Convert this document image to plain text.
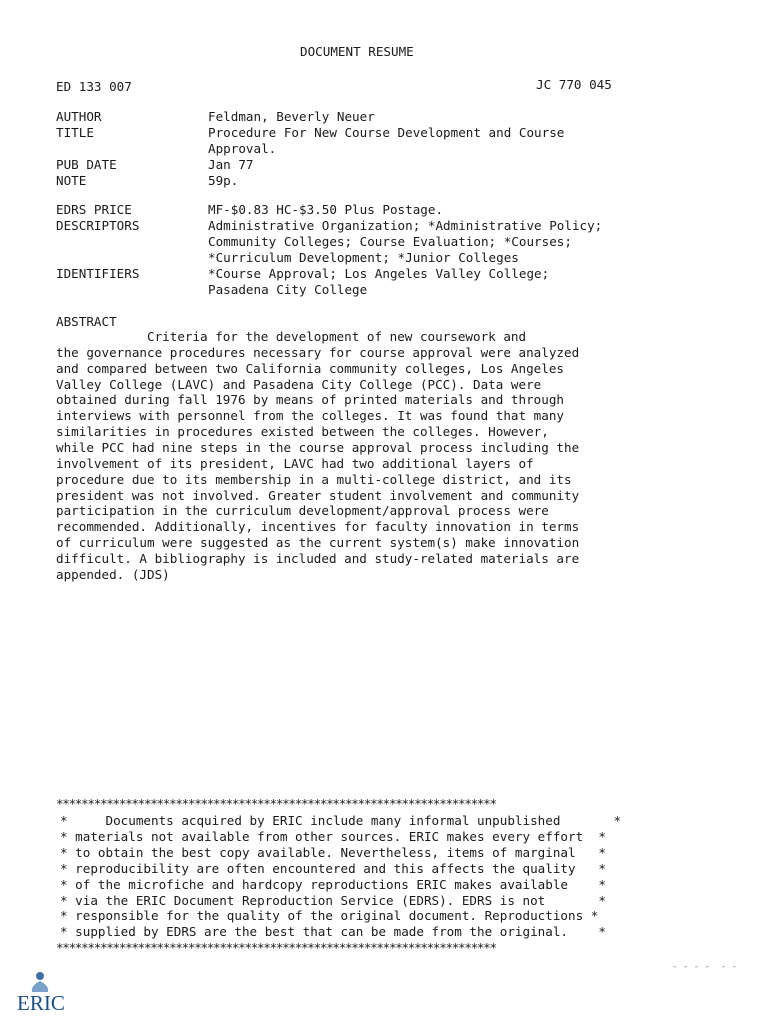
DOCUMENT RESUME
ED 133 007	JC 770 045
AUTHOR	Feldman, Beverly Neuer
TITLE	Procedure For New Course Development and Course
Approval.
PUB DATE	Jan 77
NOTE	59p.
EDRS PRICE	MF-$0.83 HC-$3.50 Plus Postage.
DESCRIPTORS	Administrative Organization; *Administrative Policy;
Community Colleges; Course Evaluation; *Courses;
*Curriculum Development; *Junior Colleges
IDENTIFIERS	*Course Approval; Los Angeles Valley College;
Pasadena City College
ABSTRACT
Criteria for the development of new coursework and
the governance procedures necessary for course approval were analyzed
and compared between two California community colleges, Los Angeles
Valley College (LAVC) and Pasadena City College (PCC). Data were
obtained during fall 1976 by means of printed materials and through
interviews with personnel from the colleges. It was found that many
similarities in procedures existed between the colleges. However,
while PCC had nine steps in the course approval process including the
involvement of its president, LAVC had two additional layers of
procedure due to its membership in a multi-college district, and its
president was not involved. Greater student involvement and community
participation in the curriculum development/approval process were
recommended. Additionally, incentives for faculty innovation in terms
of curriculum were suggested as the current system(s) make innovation
difficult. A bibliography is included and study-related materials are
appended. (JDS)
**********************************************************************
*     Documents acquired by ERIC include many informal unpublished       *
* materials not available from other sources. ERIC makes every effort  *
* to obtain the best copy available. Nevertheless, items of marginal   *
* reproducibility are often encountered and this affects the quality   *
* of the microfiche and hardcopy reproductions ERIC makes available    *
* via the ERIC Document Reproduction Service (EDRS). EDRS is not       *
* responsible for the quality of the original document. Reproductions *
* supplied by EDRS are the best that can be made from the original.    *
**********************************************************************
- - - -  - -
ERIC
